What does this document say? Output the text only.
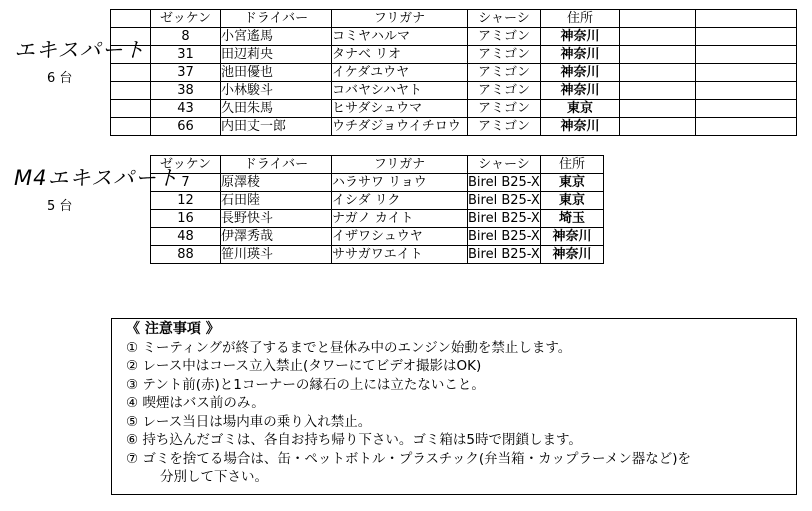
エキスパート
6 台
	ゼッケン	ドライバー	フリガナ	シャーシ	住所		
	8	小宮遙馬	コミヤハルマ	アミゴン	神奈川		
	31	田辺莉央	タナベ リオ	アミゴン	神奈川		
	37	池田優也	イケダユウヤ	アミゴン	神奈川		
	38	小林駿斗	コバヤシハヤト	アミゴン	神奈川		
	43	久田朱馬	ヒサダシュウマ	アミゴン	東京		
	66	内田丈一郎	ウチダジョウイチロウ	アミゴン	神奈川		
M4エキスパート
5 台
ゼッケン	ドライバー	フリガナ	シャーシ	住所
7	原澤稜	ハラサワ リョウ	Birel B25-X	東京
12	石田陸	イシダ リク	Birel B25-X	東京
16	長野快斗	ナガノ カイト	Birel B25-X	埼玉
48	伊澤秀哉	イザワシュウヤ	Birel B25-X	神奈川
88	笹川瑛斗	ササガワエイト	Birel B25-X	神奈川
《 注意事項 》
① ミーティングが終了するまでと昼休み中のエンジン始動を禁止します。
② レース中はコース立入禁止(タワーにてビデオ撮影はOK)
③ テント前(赤)と1コーナーの縁石の上には立たないこと。
④ 喫煙はバス前のみ。
⑤ レース当日は場内車の乗り入れ禁止。
⑥ 持ち込んだゴミは、各自お持ち帰り下さい。ゴミ箱は5時で閉鎖します。
⑦ ゴミを捨てる場合は、缶・ペットボトル・プラスチック(弁当箱・カップラーメン器など)を
分別して下さい。
